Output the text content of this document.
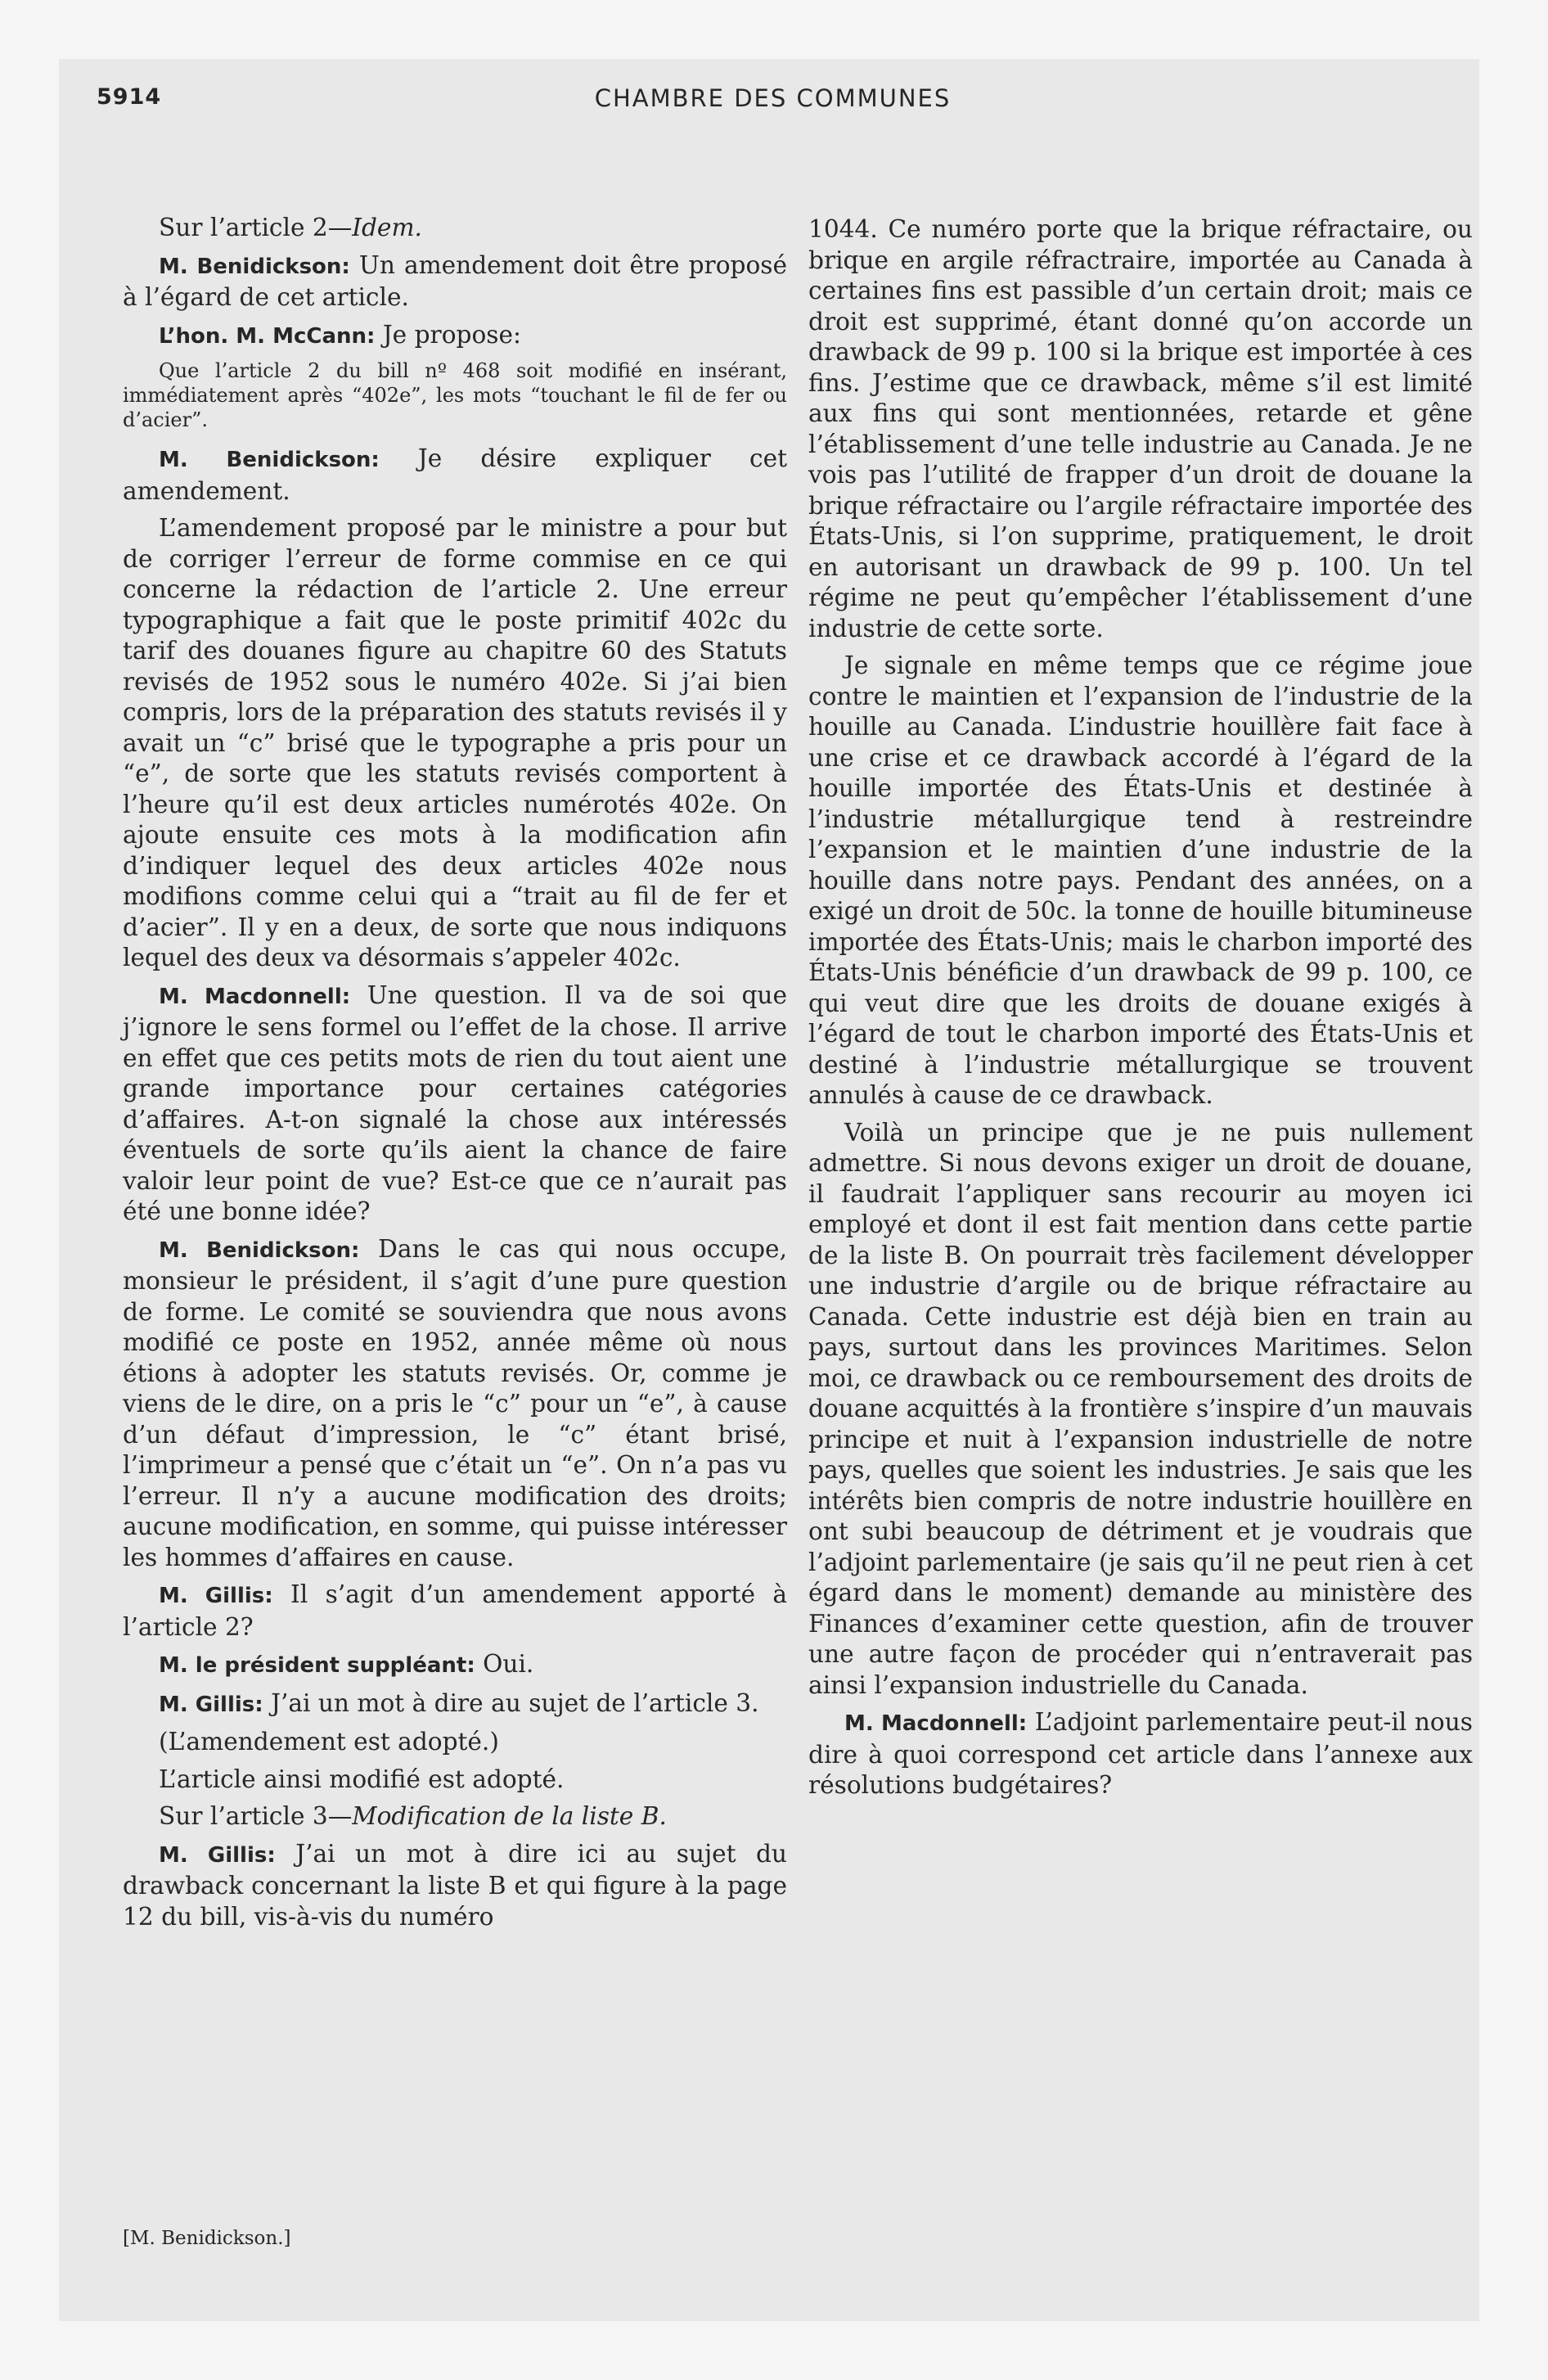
5914	CHAMBRE DES COMMUNES

Sur l’article 2—Idem.

M. Benidickson: Un amendement doit être proposé à l’égard de cet article.

L’hon. M. McCann: Je propose:

Que l’article 2 du bill nº 468 soit modifié en insérant, immédiatement après “402e”, les mots “touchant le fil de fer ou d’acier”.

M. Benidickson: Je désire expliquer cet amendement.

L’amendement proposé par le ministre a pour but de corriger l’erreur de forme commise en ce qui concerne la rédaction de l’article 2. Une erreur typographique a fait que le poste primitif 402c du tarif des douanes figure au chapitre 60 des Statuts revisés de 1952 sous le numéro 402e. Si j’ai bien compris, lors de la préparation des statuts revisés il y avait un “c” brisé que le typographe a pris pour un “e”, de sorte que les statuts revisés comportent à l’heure qu’il est deux articles numérotés 402e. On ajoute ensuite ces mots à la modification afin d’indiquer lequel des deux articles 402e nous modifions comme celui qui a “trait au fil de fer et d’acier”. Il y en a deux, de sorte que nous indiquons lequel des deux va désormais s’appeler 402c.

M. Macdonnell: Une question. Il va de soi que j’ignore le sens formel ou l’effet de la chose. Il arrive en effet que ces petits mots de rien du tout aient une grande importance pour certaines catégories d’affaires. A-t-on signalé la chose aux intéressés éventuels de sorte qu’ils aient la chance de faire valoir leur point de vue? Est-ce que ce n’aurait pas été une bonne idée?

M. Benidickson: Dans le cas qui nous occupe, monsieur le président, il s’agit d’une pure question de forme. Le comité se souviendra que nous avons modifié ce poste en 1952, année même où nous étions à adopter les statuts revisés. Or, comme je viens de le dire, on a pris le “c” pour un “e”, à cause d’un défaut d’impression, le “c” étant brisé, l’imprimeur a pensé que c’était un “e”. On n’a pas vu l’erreur. Il n’y a aucune modification des droits; aucune modification, en somme, qui puisse intéresser les hommes d’affaires en cause.

M. Gillis: Il s’agit d’un amendement apporté à l’article 2?

M. le président suppléant: Oui.

M. Gillis: J’ai un mot à dire au sujet de l’article 3.

(L’amendement est adopté.)

L’article ainsi modifié est adopté.

Sur l’article 3—Modification de la liste B.

M. Gillis: J’ai un mot à dire ici au sujet du drawback concernant la liste B et qui figure à la page 12 du bill, vis-à-vis du numéro

[M. Benidickson.]

1044. Ce numéro porte que la brique réfractaire, ou brique en argile réfractraire, importée au Canada à certaines fins est passible d’un certain droit; mais ce droit est supprimé, étant donné qu’on accorde un drawback de 99 p. 100 si la brique est importée à ces fins. J’estime que ce drawback, même s’il est limité aux fins qui sont mentionnées, retarde et gêne l’établissement d’une telle industrie au Canada. Je ne vois pas l’utilité de frapper d’un droit de douane la brique réfractaire ou l’argile réfractaire importée des États-Unis, si l’on supprime, pratiquement, le droit en autorisant un drawback de 99 p. 100. Un tel régime ne peut qu’empêcher l’établissement d’une industrie de cette sorte.

Je signale en même temps que ce régime joue contre le maintien et l’expansion de l’industrie de la houille au Canada. L’industrie houillère fait face à une crise et ce drawback accordé à l’égard de la houille importée des États-Unis et destinée à l’industrie métallurgique tend à restreindre l’expansion et le maintien d’une industrie de la houille dans notre pays. Pendant des années, on a exigé un droit de 50c. la tonne de houille bitumineuse importée des États-Unis; mais le charbon importé des États-Unis bénéficie d’un drawback de 99 p. 100, ce qui veut dire que les droits de douane exigés à l’égard de tout le charbon importé des États-Unis et destiné à l’industrie métallurgique se trouvent annulés à cause de ce drawback.

Voilà un principe que je ne puis nullement admettre. Si nous devons exiger un droit de douane, il faudrait l’appliquer sans recourir au moyen ici employé et dont il est fait mention dans cette partie de la liste B. On pourrait très facilement développer une industrie d’argile ou de brique réfractaire au Canada. Cette industrie est déjà bien en train au pays, surtout dans les provinces Maritimes. Selon moi, ce drawback ou ce remboursement des droits de douane acquittés à la frontière s’inspire d’un mauvais principe et nuit à l’expansion industrielle de notre pays, quelles que soient les industries. Je sais que les intérêts bien compris de notre industrie houillère en ont subi beaucoup de détriment et je voudrais que l’adjoint parlementaire (je sais qu’il ne peut rien à cet égard dans le moment) demande au ministère des Finances d’examiner cette question, afin de trouver une autre façon de procéder qui n’entraverait pas ainsi l’expansion industrielle du Canada.

M. Macdonnell: L’adjoint parlementaire peut-il nous dire à quoi correspond cet article dans l’annexe aux résolutions budgétaires?
